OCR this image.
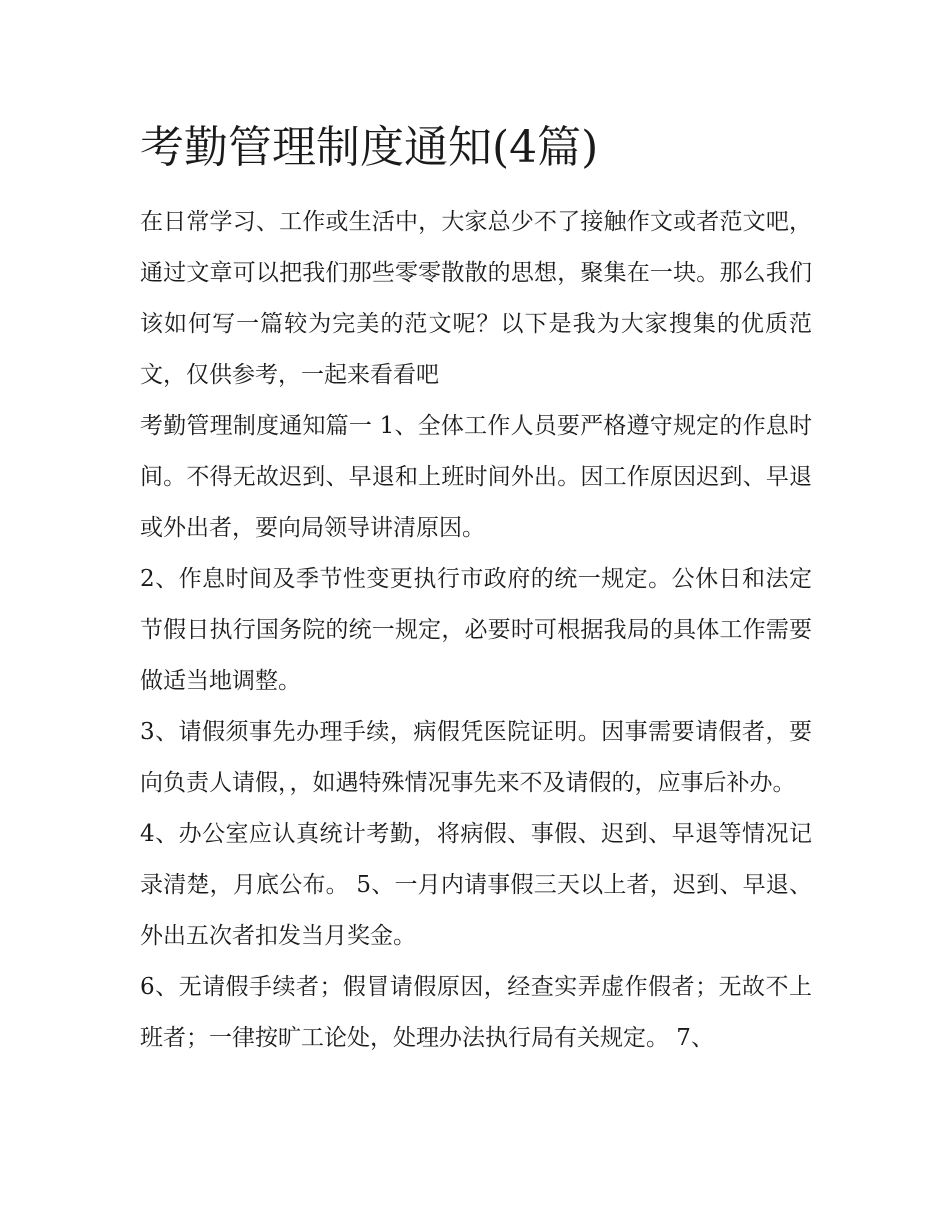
考勤管理制度通知(4篇)

在日常学习、工作或生活中，大家总少不了接触作文或者范文吧，通过文章可以把我们那些零零散散的思想，聚集在一块。那么我们该如何写一篇较为完美的范文呢？以下是我为大家搜集的优质范文，仅供参考，一起来看看吧

考勤管理制度通知篇一 1、全体工作人员要严格遵守规定的作息时间。不得无故迟到、早退和上班时间外出。因工作原因迟到、早退或外出者，要向局领导讲清原因。

2、作息时间及季节性变更执行市政府的统一规定。公休日和法定节假日执行国务院的统一规定，必要时可根据我局的具体工作需要做适当地调整。

3、请假须事先办理手续，病假凭医院证明。因事需要请假者，要向负责人请假，，如遇特殊情况事先来不及请假的，应事后补办。

4、办公室应认真统计考勤，将病假、事假、迟到、早退等情况记录清楚，月底公布。 5、一月内请事假三天以上者，迟到、早退、外出五次者扣发当月奖金。

6、无请假手续者；假冒请假原因，经查实弄虚作假者；无故不上班者；一律按旷工论处，处理办法执行局有关规定。 7、
